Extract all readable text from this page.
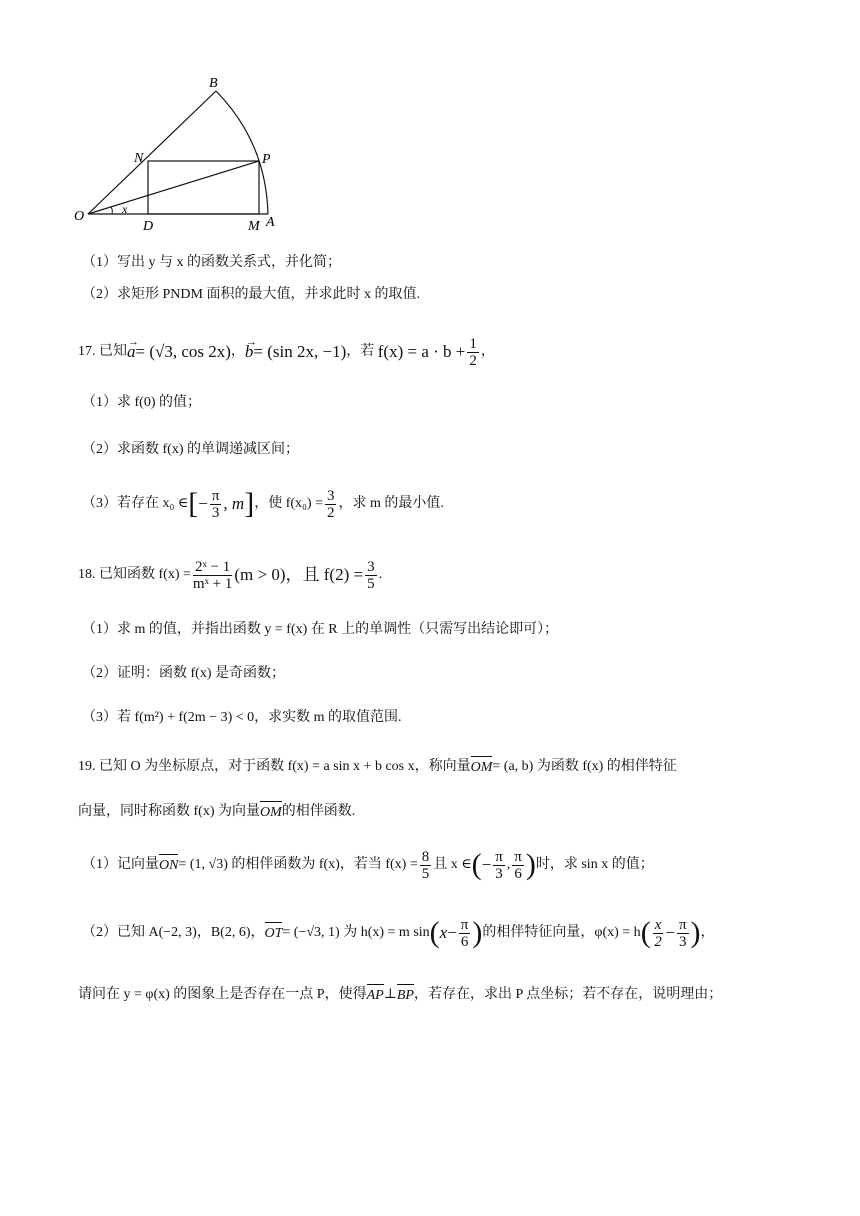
B
N	P
O	x
D	M A
（1）写出 y 与 x 的函数关系式，并化简；
（2）求矩形 PNDM 面积的最大值，并求此时 x 的取值.
17.
已知 → a = (√3, cos 2x) ， → b = (sin 2x, −1) ，若
$f(x) = a \cdot b + \frac{1}{2}$ ，
（1）求 f(0) 的值；
（2）求函数 f(x) 的单调递减区间；
（3）若存在 x₀ ∈ [ − $\frac{\pi}{3}$ , m ] ，使 $f(x_0) = \frac{3}{2}$ ，求 m 的最小值.
18.
已知函数 $f(x) = \frac{\text{2ˣ − 1}}{\text{mˣ + 1}} (m > 0)$，且 $f(2) = \frac{3}{5}$ .
（1）求 m 的值，并指出函数 y = f(x) 在 R 上的单调性（只需写出结论即可）；
（2）证明：函数 f(x) 是奇函数；
（3）若 f(m²) + f(2m − 3) < 0，求实数 m 的取值范围.
19.
已知 O 为坐标原点，对于函数 f(x) = a sin x + b cos x，称向量 OM = (a, b) 为函数 f(x) 的相伴特征
向量，同时称函数 f(x) 为向量 OM 的相伴函数.
（1）记向量 ON = (1, √3) 的相伴函数为 f(x)，若当 $f(x) = \frac{8}{5}$ 且 x ∈ ( − $\frac{\pi}{3}$ , $\frac{\pi}{6}$ ) 时，求 sin x 的值；
（2）已知 A(−2, 3)，B(2, 6)， OT = (−√3, 1) 为 h(x) = m sin ( $x - \frac{\pi}{6}$ ) 的相伴特征向量，φ(x) = h ( $\frac{x}{2} - \frac{\pi}{3}$ ) ，
请问在 y = φ(x) 的图象上是否存在一点 P，使得 AP ⊥ BP ，若存在，求出 P 点坐标；若不存在，说明理由；
